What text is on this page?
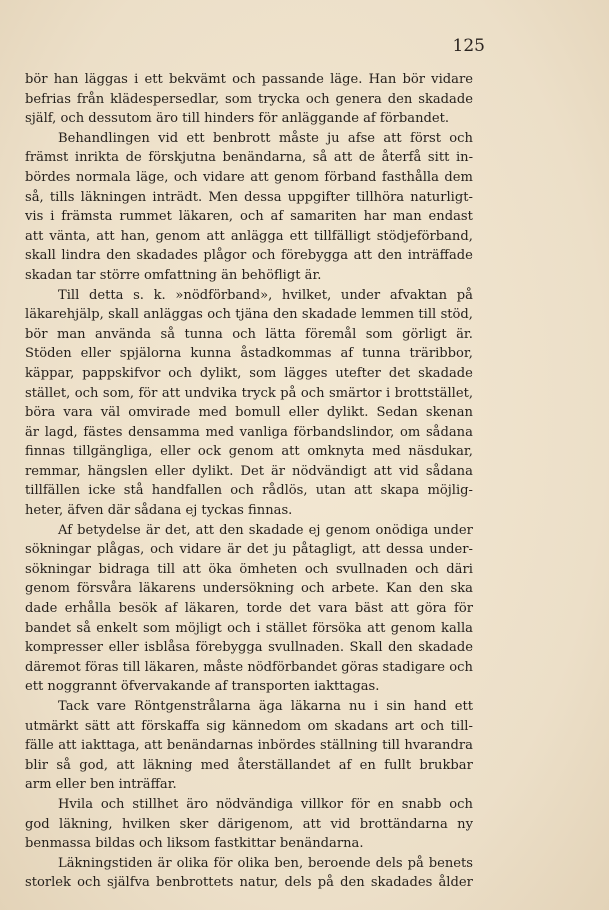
125
bör han läggas i ett bekvämt och passande läge. Han bör vidare
befrias från klädespersedlar, som trycka och genera den skadade
själf, och dessutom äro till hinders för anläggande af förbandet.
Behandlingen vid ett benbrott måste ju afse att först och
främst inrikta de förskjutna benändarna, så att de återfå sitt in-
bördes normala läge, och vidare att genom förband fasthålla dem
så, tills läkningen inträdt. Men dessa uppgifter tillhöra naturligt-
vis i främsta rummet läkaren, och af samariten har man endast
att vänta, att han, genom att anlägga ett tillfälligt stödjeförband,
skall lindra den skadades plågor och förebygga att den inträffade
skadan tar större omfattning än behöfligt är.
Till detta s. k. »nödförband», hvilket, under afvaktan på
läkarehjälp, skall anläggas och tjäna den skadade lemmen till stöd,
bör man använda så tunna och lätta föremål som görligt är.
Stöden eller spjälorna kunna åstadkommas af tunna träribbor,
käppar, pappskifvor och dylikt, som lägges utefter det skadade
stället, och som, för att undvika tryck på och smärtor i brottstället,
böra vara väl omvirade med bomull eller dylikt. Sedan skenan
är lagd, fästes densamma med vanliga förbandslindor, om sådana
finnas tillgängliga, eller ock genom att omknyta med näsdukar,
remmar, hängslen eller dylikt. Det är nödvändigt att vid sådana
tillfällen icke stå handfallen och rådlös, utan att skapa möjlig-
heter, äfven där sådana ej tyckas finnas.
Af betydelse är det, att den skadade ej genom onödiga under
sökningar plågas, och vidare är det ju påtagligt, att dessa under-
sökningar bidraga till att öka ömheten och svullnaden och däri
genom försvåra läkarens undersökning och arbete. Kan den ska
dade erhålla besök af läkaren, torde det vara bäst att göra för
bandet så enkelt som möjligt och i stället försöka att genom kalla
kompresser eller isblåsa förebygga svullnaden. Skall den skadade
däremot föras till läkaren, måste nödförbandet göras stadigare och
ett noggrannt öfvervakande af transporten iakttagas.
Tack vare Röntgenstrålarna äga läkarna nu i sin hand ett
utmärkt sätt att förskaffa sig kännedom om skadans art och till-
fälle att iakttaga, att benändarnas inbördes ställning till hvarandra
blir så god, att läkning med återställandet af en fullt brukbar
arm eller ben inträffar.
Hvila och stillhet äro nödvändiga villkor för en snabb och
god läkning, hvilken sker därigenom, att vid brottändarna ny
benmassa bildas och liksom fastkittar benändarna.
Läkningstiden är olika för olika ben, beroende dels på benets
storlek och själfva benbrottets natur, dels på den skadades ålder
